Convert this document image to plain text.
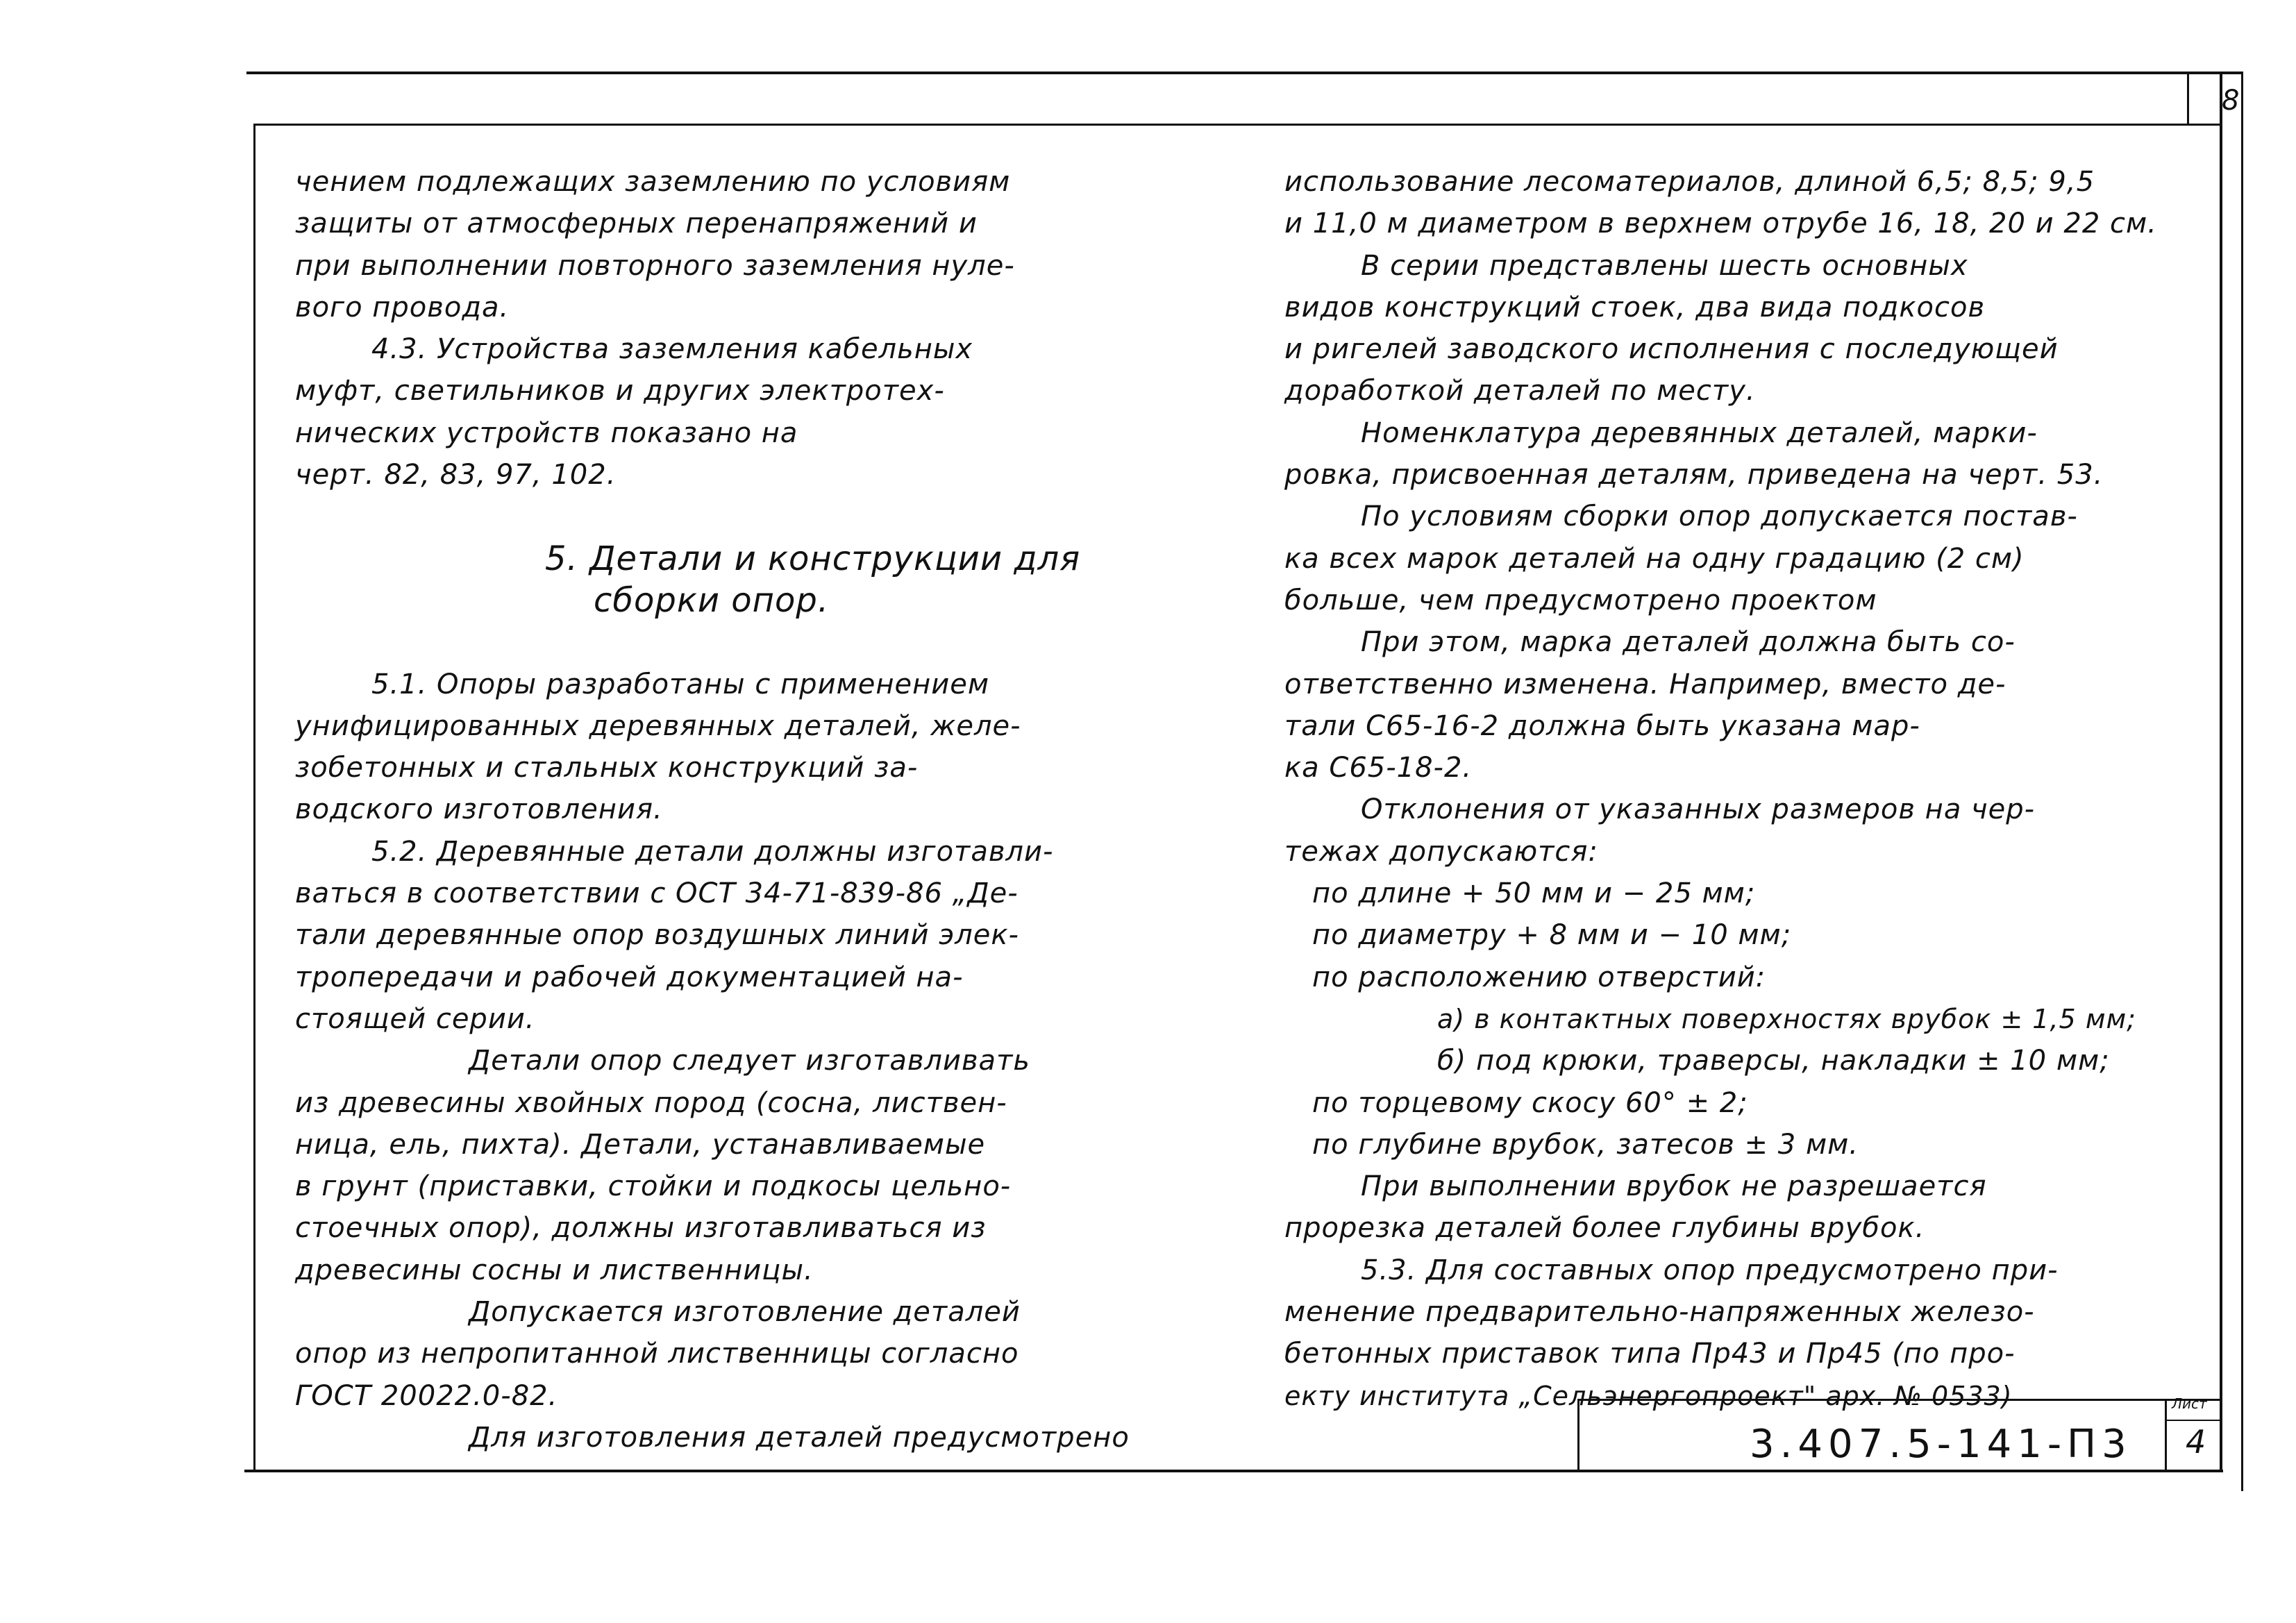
8
3.407.5-141-П3
Лист
4
чением подлежащих заземлению по условиям
защиты от атмосферных перенапряжений и
при выполнении повторного заземления нуле-
вого провода.
4.3. Устройства заземления кабельных
муфт, светильников и других электротех-
нических устройств показано на
черт. 82, 83, 97, 102.
5. Детали и конструкции для
сборки опор.
5.1. Опоры разработаны с применением
унифицированных деревянных деталей, желе-
зобетонных и стальных конструкций за-
водского изготовления.
5.2. Деревянные детали должны изготавли-
ваться в соответствии с ОСТ 34-71-839-86 „Де-
тали деревянные опор воздушных линий элек-
тропередачи и рабочей документацией на-
стоящей серии.
Детали опор следует изготавливать
из древесины хвойных пород (сосна, листвен-
ница, ель, пихта). Детали, устанавливаемые
в грунт (приставки, стойки и подкосы цельно-
стоечных опор), должны изготавливаться из
древесины сосны и лиственницы.
Допускается изготовление деталей
опор из непропитанной лиственницы согласно
ГОСТ 20022.0-82.
Для изготовления деталей предусмотрено
использование лесоматериалов, длиной 6,5; 8,5; 9,5
и 11,0 м диаметром в верхнем отрубе 16, 18, 20 и 22 см.
В серии представлены шесть основных
видов конструкций стоек, два вида подкосов
и ригелей заводского исполнения с последующей
доработкой деталей по месту.
Номенклатура деревянных деталей, марки-
ровка, присвоенная деталям, приведена на черт. 53.
По условиям сборки опор допускается постав-
ка всех марок деталей на одну градацию (2 см)
больше, чем предусмотрено проектом
При этом, марка деталей должна быть со-
ответственно изменена. Например, вместо де-
тали С65-16-2 должна быть указана мар-
ка С65-18-2.
Отклонения от указанных размеров на чер-
тежах допускаются:
по длине + 50 мм и − 25 мм;
по диаметру + 8 мм и − 10 мм;
по расположению отверстий:
а) в контактных поверхностях врубок ± 1,5 мм;
б) под крюки, траверсы, накладки ± 10 мм;
по торцевому скосу 60° ± 2;
по глубине врубок, затесов ± 3 мм.
При выполнении врубок не разрешается
прорезка деталей более глубины врубок.
5.3. Для составных опор предусмотрено при-
менение предварительно-напряженных железо-
бетонных приставок типа Пр43 и Пр45 (по про-
екту института „Сельэнергопроект" арх. № 0533)
